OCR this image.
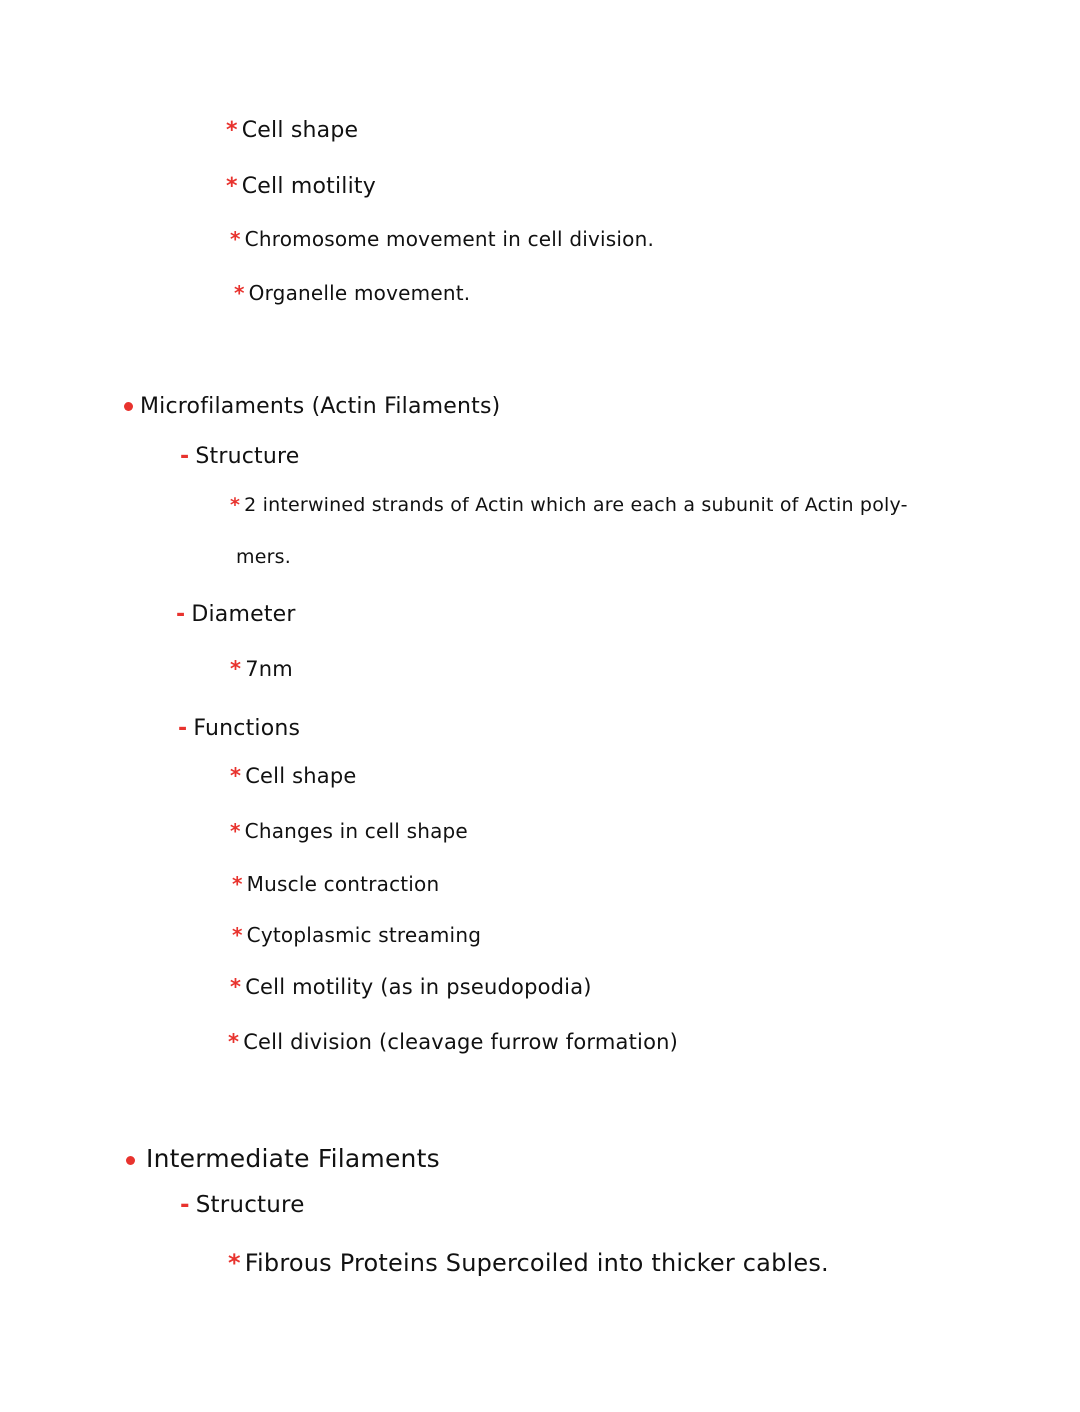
* Cell shape
* Cell motility
* Chromosome movement in cell division.
* Organelle movement.
Microfilaments (Actin Filaments)
- Structure
* 2 interwined strands of Actin which are each a subunit of Actin poly-
mers.
- Diameter
* 7nm
- Functions
* Cell shape
* Changes in cell shape
* Muscle contraction
* Cytoplasmic streaming
* Cell motility (as in pseudopodia)
* Cell division (cleavage furrow formation)
Intermediate Filaments
- Structure
* Fibrous Proteins Supercoiled into thicker cables.
